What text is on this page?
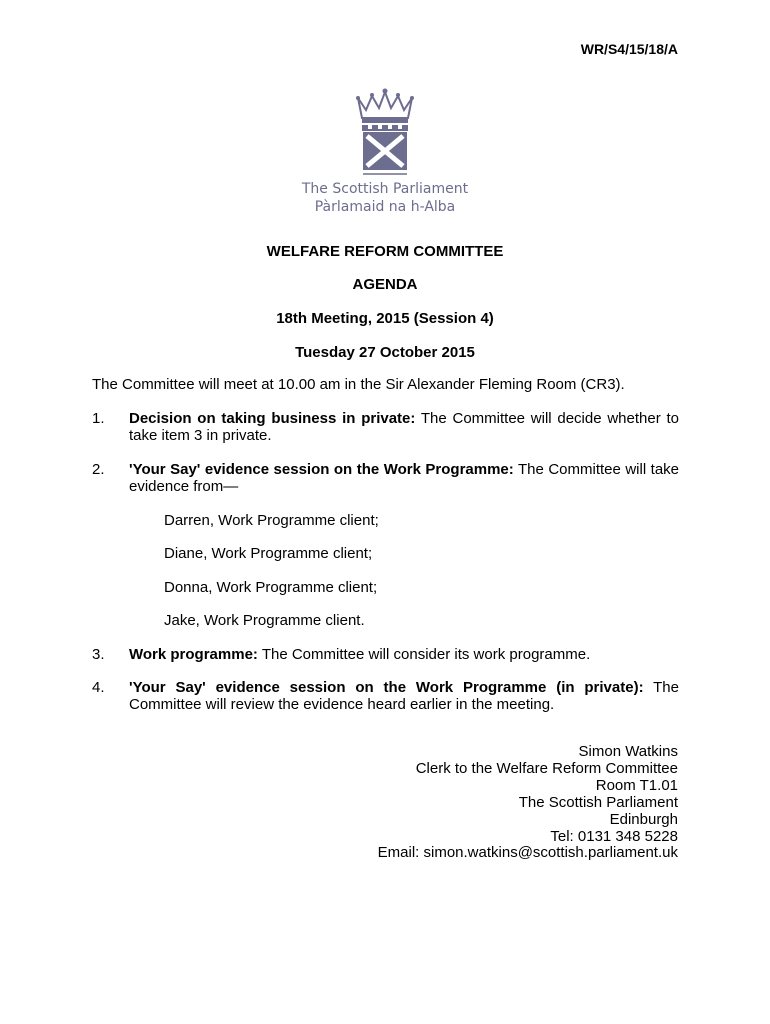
WR/S4/15/18/A
The Scottish Parliament
Pàrlamaid na h-Alba
WELFARE REFORM COMMITTEE
AGENDA
18th Meeting, 2015 (Session 4)
Tuesday 27 October 2015
The Committee will meet at 10.00 am in the Sir Alexander Fleming Room (CR3).
1. Decision on taking business in private: The Committee will decide whether to take item 3 in private.
2. 'Your Say' evidence session on the Work Programme: The Committee will take evidence from—
Darren, Work Programme client;
Diane, Work Programme client;
Donna, Work Programme client;
Jake, Work Programme client.
3. Work programme: The Committee will consider its work programme.
4. 'Your Say' evidence session on the Work Programme (in private): The Committee will review the evidence heard earlier in the meeting.
Simon Watkins
Clerk to the Welfare Reform Committee
Room T1.01
The Scottish Parliament
Edinburgh
Tel: 0131 348 5228
Email: simon.watkins@scottish.parliament.uk
